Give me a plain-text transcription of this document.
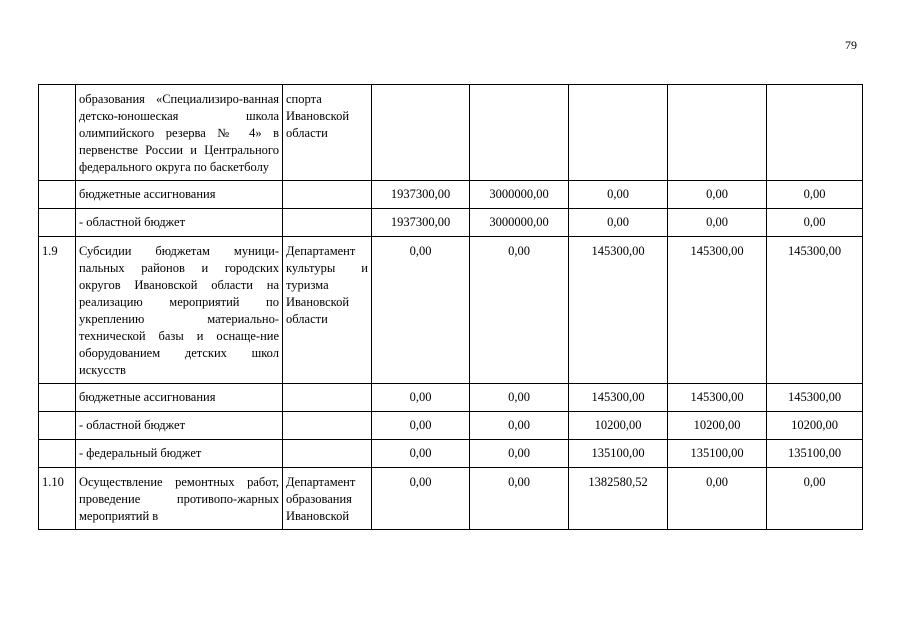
79
	образования «Специализиро-ванная детско-юношеская школа олимпийского резерва № 4» в первенстве России и Центрального федерального округа по баскетболу	спорта Ивановской области					
	бюджетные ассигнования		1937300,00	3000000,00	0,00	0,00	0,00
	- областной бюджет		1937300,00	3000000,00	0,00	0,00	0,00
1.9	Субсидии бюджетам муници-пальных районов и городских округов Ивановской области на реализацию мероприятий по укреплению материально-технической базы и оснаще-ние оборудованием детских школ искусств	Департамент культуры и туризма Ивановской области	0,00	0,00	145300,00	145300,00	145300,00
	бюджетные ассигнования		0,00	0,00	145300,00	145300,00	145300,00
	- областной бюджет		0,00	0,00	10200,00	10200,00	10200,00
	- федеральный бюджет		0,00	0,00	135100,00	135100,00	135100,00
1.10	Осуществление ремонтных работ, проведение противопо-жарных мероприятий в	Департамент образования Ивановской	0,00	0,00	1382580,52	0,00	0,00
